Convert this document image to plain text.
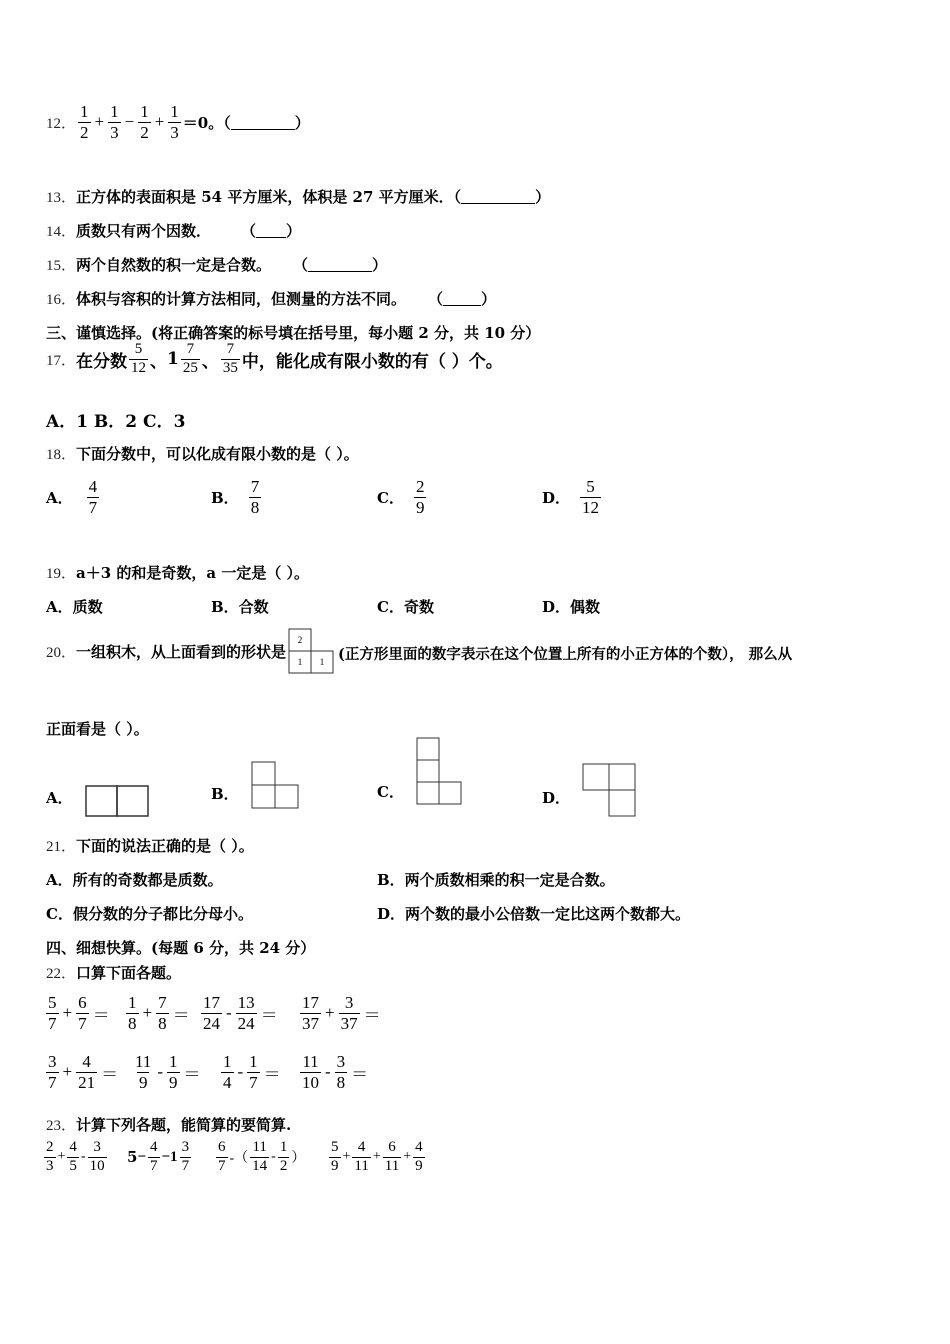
12． $\frac{1}{2} + \frac{1}{3} - \frac{1}{2} + \frac{1}{3} =0$。（	）
13． 正方体的表面积是 54 平方厘米，体积是 27 平方厘米．（	）
14． 质数只有两个因数． （ ）
15． 两个自然数的积一定是合数。 （	）
16． 体积与容积的计算方法相同，但测量的方法不同。 （	）
三、谨慎选择。(将正确答案的标号填在括号里，每小题 2 分，共 10 分）
17． 在分数 $\frac{5}{12}$ 、 $1 \frac{7}{25}$ 、 $\frac{7}{35}$ 中，能化成有限小数的有（ ）个。
A．1 B．2 C．3
18． 下面分数中，可以化成有限小数的是（ ）。
A． $\frac{4}{7}$	B． $\frac{7}{8}$	C． $\frac{2}{9}$	D． $\frac{5}{12}$
19． a＋3 的和是奇数，a 一定是（ ）。
A．质数	B．合数	C．奇数	D．偶数
20． 一组积木，从上面看到的形状是
2
1 1 (正方形里面的数字表示在这个位置上所有的小正方体的个数）， 那么从
正面看是（ ）。
A．	B．	C．	D．
21． 下面的说法正确的是（ ）。
A．所有的奇数都是质数。	B．两个质数相乘的积一定是合数。
C．假分数的分子都比分母小。	D．两个数的最小公倍数一定比这两个数都大。
四、细想快算。(每题 6 分，共 24 分）
22． 口算下面各题。
$\frac{5}{7} + \frac{6}{7} = \frac{1}{8} + \frac{7}{8} = \frac{17}{24} - \frac{13}{24} = \frac{17}{37} + \frac{3}{37}$ ＝
$\frac{3}{7} + \frac{4}{21} = \frac{11}{9} - \frac{1}{9} = \frac{1}{4} - \frac{1}{7} = \frac{11}{10} - \frac{3}{8}$ ＝
23． 计算下列各题，能简算的要简算.
$\frac{2}{3} + \frac{4}{5} - \frac{3}{10} 5 - \frac{4}{7} -1 \frac{3}{7} \frac{6}{7}$ -（ $\frac{11}{14} - \frac{1}{2}$ ） $\frac{5}{9} + \frac{4}{11} + \frac{6}{11} + \frac{4}{9}$
